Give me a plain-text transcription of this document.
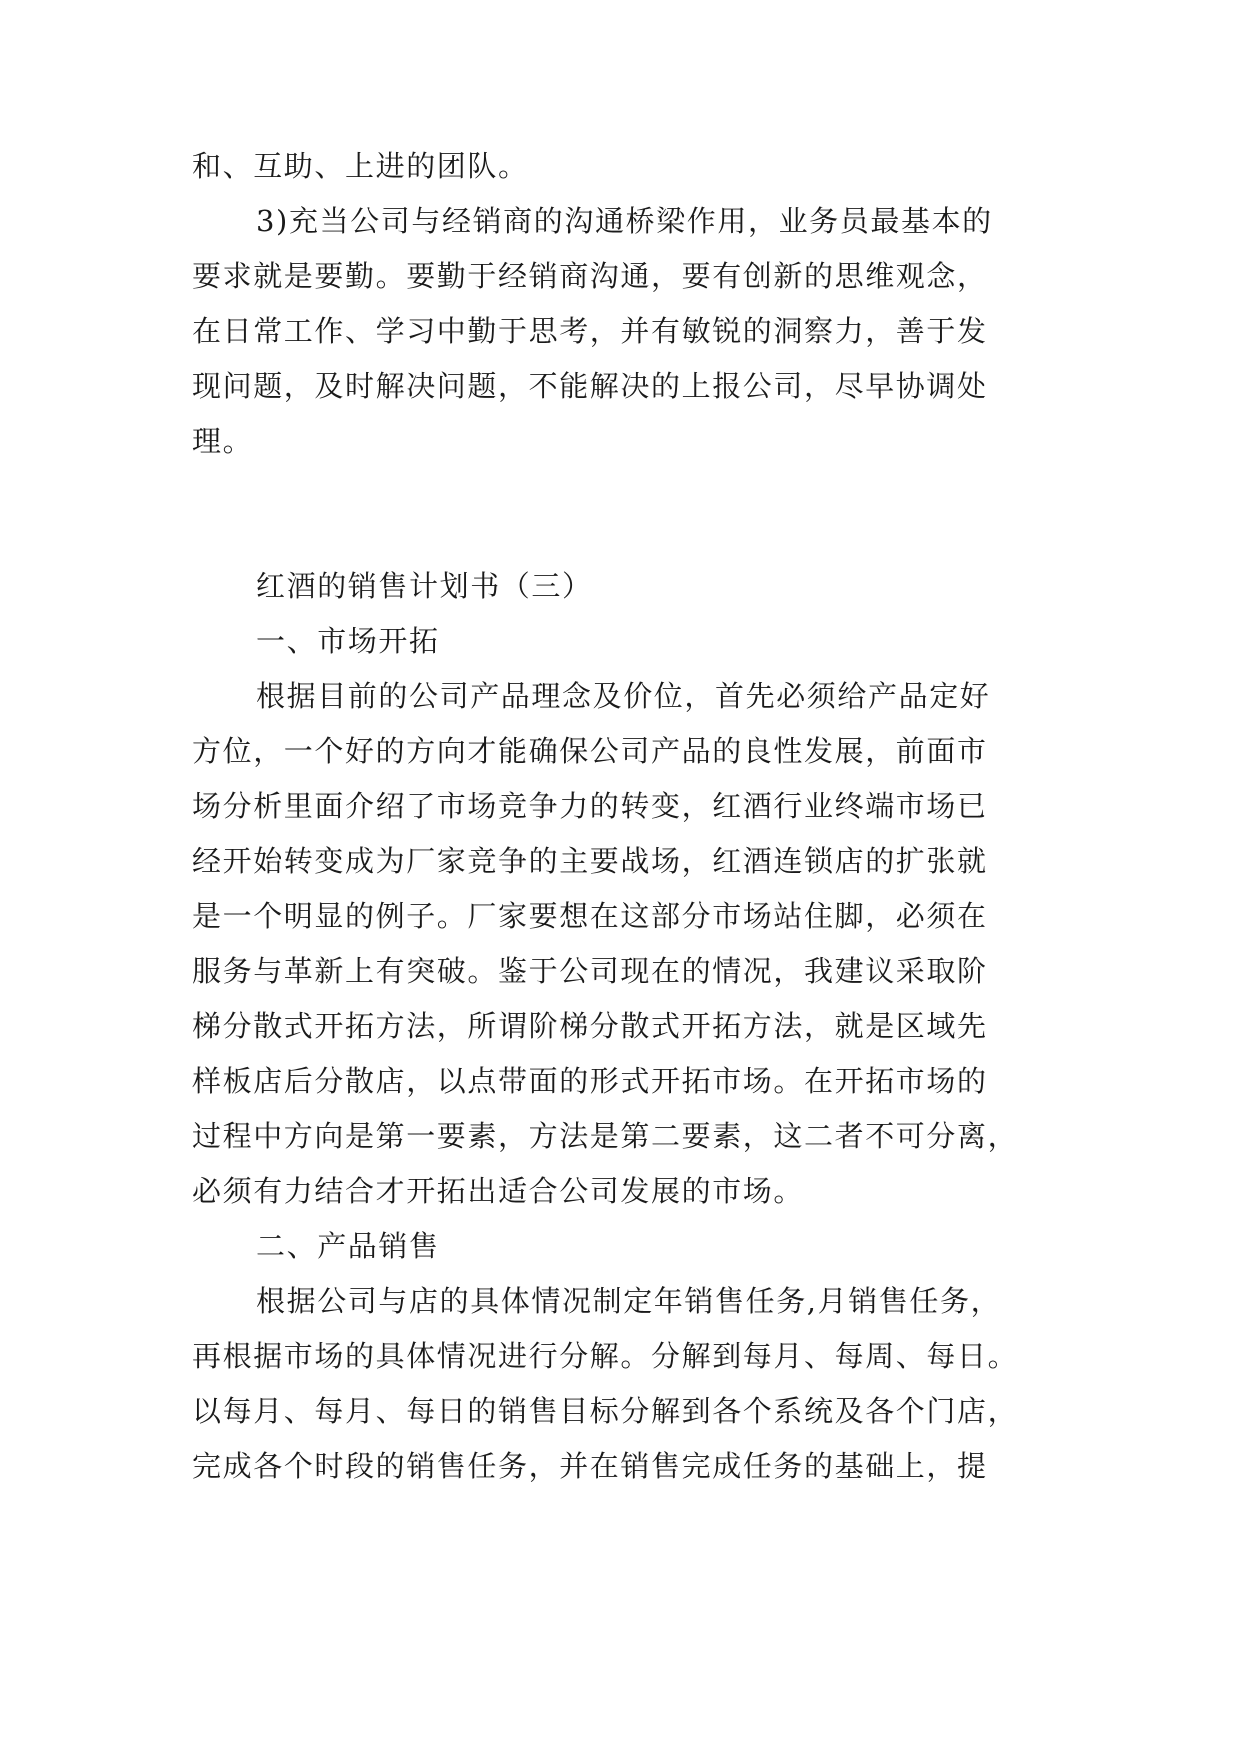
和、互助、上进的团队。
3)充当公司与经销商的沟通桥梁作用，业务员最基本的
要求就是要勤。要勤于经销商沟通，要有创新的思维观念，
在日常工作、学习中勤于思考，并有敏锐的洞察力，善于发
现问题，及时解决问题，不能解决的上报公司，尽早协调处
理。
红酒的销售计划书（三）
一、市场开拓
根据目前的公司产品理念及价位，首先必须给产品定好
方位，一个好的方向才能确保公司产品的良性发展，前面市
场分析里面介绍了市场竞争力的转变，红酒行业终端市场已
经开始转变成为厂家竞争的主要战场，红酒连锁店的扩张就
是一个明显的例子。厂家要想在这部分市场站住脚，必须在
服务与革新上有突破。鉴于公司现在的情况，我建议采取阶
梯分散式开拓方法，所谓阶梯分散式开拓方法，就是区域先
样板店后分散店，以点带面的形式开拓市场。在开拓市场的
过程中方向是第一要素，方法是第二要素，这二者不可分离，
必须有力结合才开拓出适合公司发展的市场。
二、产品销售
根据公司与店的具体情况制定年销售任务,月销售任务，
再根据市场的具体情况进行分解。分解到每月、每周、每日。
以每月、每月、每日的销售目标分解到各个系统及各个门店，
完成各个时段的销售任务，并在销售完成任务的基础上，提
